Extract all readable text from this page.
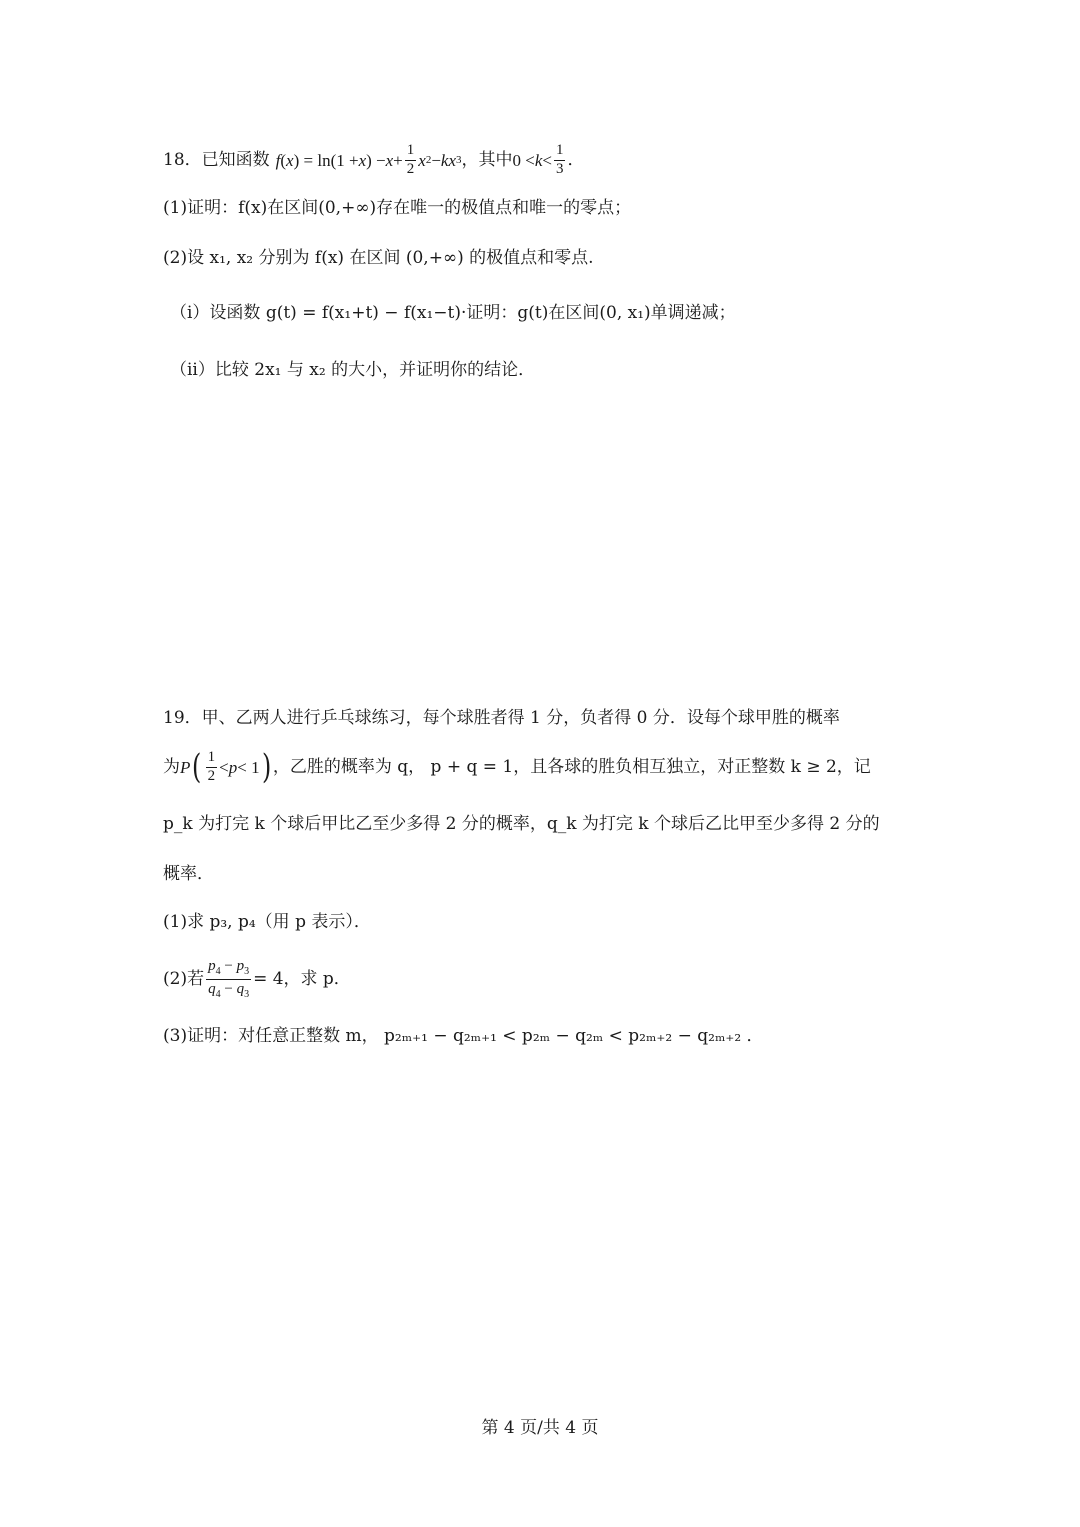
18．已知函数 f ( x ) = ln(1 + x ) − $x + \frac{1}{2}$ x 2 − kx 3 ，其中 $0 < k < \frac{1}{3}$ ．
(1)证明：f(x)在区间(0,+∞)存在唯一的极值点和唯一的零点；
(2)设 x₁, x₂ 分别为 f(x) 在区间 (0,+∞) 的极值点和零点.
（i）设函数 g(t) = f(x₁+t) − f(x₁−t)·证明：g(t)在区间(0, x₁)单调递减；
（ii）比较 2x₁ 与 x₂ 的大小，并证明你的结论．
19．甲、乙两人进行乒乓球练习，每个球胜者得 1 分，负者得 0 分．设每个球甲胜的概率
为 P ( $\frac{1}{2} < p < 1$ ) ，乙胜的概率为 q， p + q = 1，且各球的胜负相互独立，对正整数 k ≥ 2，记
p_k 为打完 k 个球后甲比乙至少多得 2 分的概率，q_k 为打完 k 个球后乙比甲至少多得 2 分的
概率．
(1)求 p₃, p₄（用 p 表示）．
(2)若 $\frac{p_4 - p_3}{q_4 - q_3} = 4$，求 p．
(3)证明：对任意正整数 m， p₂ₘ₊₁ − q₂ₘ₊₁ < p₂ₘ − q₂ₘ < p₂ₘ₊₂ − q₂ₘ₊₂ ．
第 4 页/共 4 页
